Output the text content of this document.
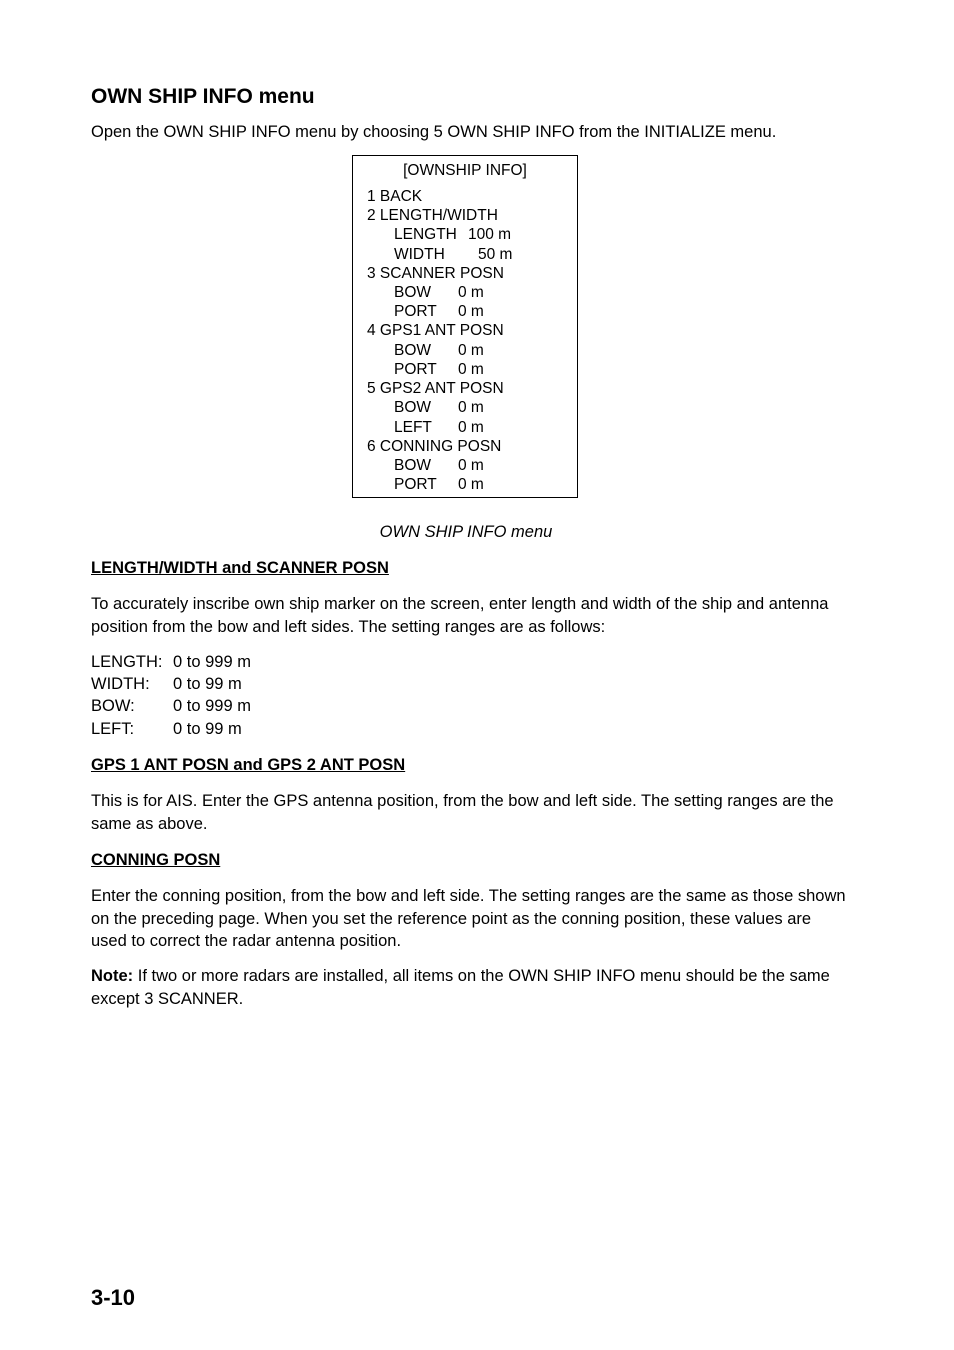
OWN SHIP INFO menu

Open the OWN SHIP INFO menu by choosing 5 OWN SHIP INFO from the INITIALIZE menu.

[OWNSHIP INFO]
1 BACK
2 LENGTH/WIDTH
LENGTH 100 m
WIDTH 50 m
3 SCANNER POSN
BOW 0 m
PORT 0 m
4 GPS1 ANT POSN
BOW 0 m
PORT 0 m
5 GPS2 ANT POSN
BOW 0 m
LEFT 0 m
6 CONNING POSN
BOW 0 m
PORT 0 m
OWN SHIP INFO menu
LENGTH/WIDTH and SCANNER POSN

To accurately inscribe own ship marker on the screen, enter length and width of the ship and antenna position from the bow and left sides. The setting ranges are as follows:

LENGTH: 0 to 999 m
WIDTH: 0 to 99 m
BOW: 0 to 999 m
LEFT: 0 to 99 m
GPS 1 ANT POSN and GPS 2 ANT POSN

This is for AIS. Enter the GPS antenna position, from the bow and left side. The setting ranges are the same as above.

CONNING POSN

Enter the conning position, from the bow and left side. The setting ranges are the same as those shown on the preceding page. When you set the reference point as the conning position, these values are used to correct the radar antenna position.

Note: If two or more radars are installed, all items on the OWN SHIP INFO menu should be the same except 3 SCANNER.

3-10
